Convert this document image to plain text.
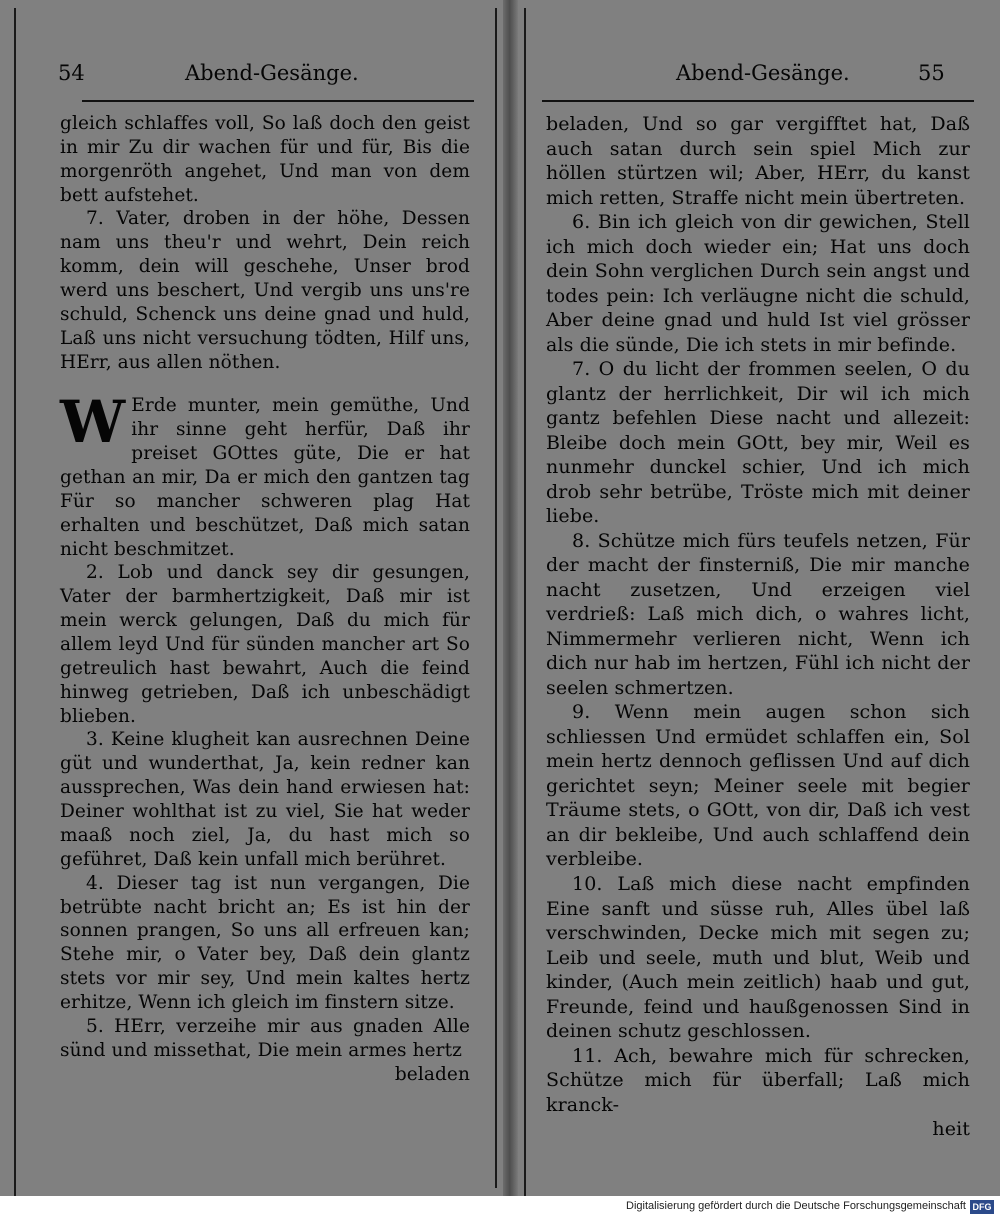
54	Abend-Gesänge.

gleich schlaffes voll, So laß doch den geist in mir Zu dir wachen für und für, Bis die morgenröth angehet, Und man von dem bett aufstehet.

7. Vater, droben in der höhe, Dessen nam uns theu'r und wehrt, Dein reich komm, dein will geschehe, Unser brod werd uns beschert, Und vergib uns uns're schuld, Schenck uns deine gnad und huld, Laß uns nicht versuchung tödten, Hilf uns, HErr, aus allen nöthen.

W Erde munter, mein gemüthe, Und ihr sinne geht herfür, Daß ihr preiset GOttes güte, Die er hat gethan an mir, Da er mich den gantzen tag Für so mancher schweren plag Hat erhalten und beschützet, Daß mich satan nicht beschmitzet.

2. Lob und danck sey dir gesungen, Vater der barmhertzigkeit, Daß mir ist mein werck gelungen, Daß du mich für allem leyd Und für sünden mancher art So getreulich hast bewahrt, Auch die feind hinweg getrieben, Daß ich unbeschädigt blieben.

3. Keine klugheit kan ausrechnen Deine güt und wunderthat, Ja, kein redner kan aussprechen, Was dein hand erwiesen hat: Deiner wohlthat ist zu viel, Sie hat weder maaß noch ziel, Ja, du hast mich so geführet, Daß kein unfall mich berühret.

4. Dieser tag ist nun vergangen, Die betrübte nacht bricht an; Es ist hin der sonnen prangen, So uns all erfreuen kan; Stehe mir, o Vater bey, Daß dein glantz stets vor mir sey, Und mein kaltes hertz erhitze, Wenn ich gleich im finstern sitze.

5. HErr, verzeihe mir aus gnaden Alle sünd und missethat, Die mein armes hertz

beladen

Abend-Gesänge.	55

beladen, Und so gar vergifftet hat, Daß auch satan durch sein spiel Mich zur höllen stürtzen wil; Aber, HErr, du kanst mich retten, Straffe nicht mein übertreten.

6. Bin ich gleich von dir gewichen, Stell ich mich doch wieder ein; Hat uns doch dein Sohn verglichen Durch sein angst und todes pein: Ich verläugne nicht die schuld, Aber deine gnad und huld Ist viel grösser als die sünde, Die ich stets in mir befinde.

7. O du licht der frommen seelen, O du glantz der herrlichkeit, Dir wil ich mich gantz befehlen Diese nacht und allezeit: Bleibe doch mein GOtt, bey mir, Weil es nunmehr dunckel schier, Und ich mich drob sehr betrübe, Tröste mich mit deiner liebe.

8. Schütze mich fürs teufels netzen, Für der macht der finsterniß, Die mir manche nacht zusetzen, Und erzeigen viel verdrieß: Laß mich dich, o wahres licht, Nimmermehr verlieren nicht, Wenn ich dich nur hab im hertzen, Fühl ich nicht der seelen schmertzen.

9. Wenn mein augen schon sich schliessen Und ermüdet schlaffen ein, Sol mein hertz dennoch geflissen Und auf dich gerichtet seyn; Meiner seele mit begier Träume stets, o GOtt, von dir, Daß ich vest an dir bekleibe, Und auch schlaffend dein verbleibe.

10. Laß mich diese nacht empfinden Eine sanft und süsse ruh, Alles übel laß verschwinden, Decke mich mit segen zu; Leib und seele, muth und blut, Weib und kinder, (Auch mein zeitlich) haab und gut, Freunde, feind und haußgenossen Sind in deinen schutz geschlossen.

11. Ach, bewahre mich für schrecken, Schütze mich für überfall; Laß mich kranck-

heit

Digitalisierung gefördert durch die Deutsche Forschungsgemeinschaft DFG
